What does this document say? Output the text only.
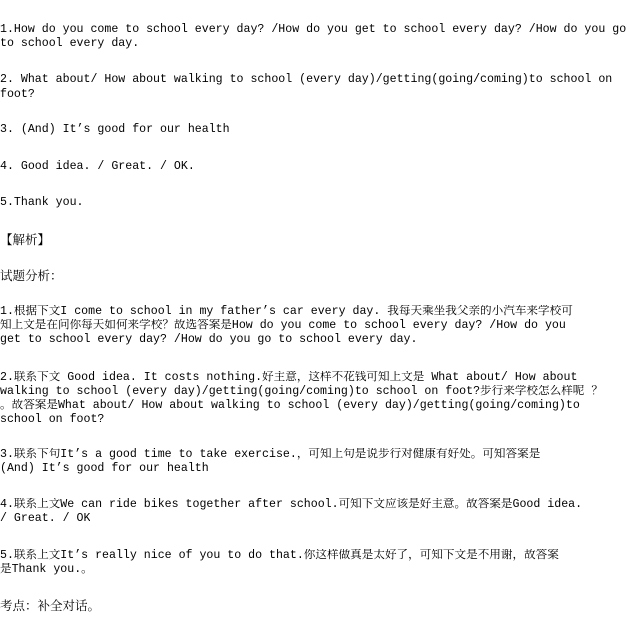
1.How do you come to school every day? /How do you get to school every day? /How do you go
to school every day.
2. What about/ How about walking to school (every day)/getting(going/coming)to school on
foot?
3. (And) It’s good for our health
4. Good idea. / Great. / OK.
5.Thank you.
【解析】
试题分析：
1.根据下文I come to school in my father’s car every day. 我每天乘坐我父亲的小汽车来学校可
知上文是在问你每天如何来学校？故选答案是How do you come to school every day? /How do you
get to school every day? /How do you go to school every day.
2.联系下文 Good idea. It costs nothing.好主意，这样不花钱可知上文是 What about/ How about
walking to school (every day)/getting(going/coming)to school on foot?步行来学校怎么样呢 ？
。故答案是What about/ How about walking to school (every day)/getting(going/coming)to
school on foot?
3.联系下句It’s a good time to take exercise.，可知上句是说步行对健康有好处。可知答案是
(And) It’s good for our health
4.联系上文We can ride bikes together after school.可知下文应该是好主意。故答案是Good idea.
/ Great. / OK
5.联系上文It’s really nice of you to do that.你这样做真是太好了，可知下文是不用谢，故答案
是Thank you.。
考点：补全对话。
